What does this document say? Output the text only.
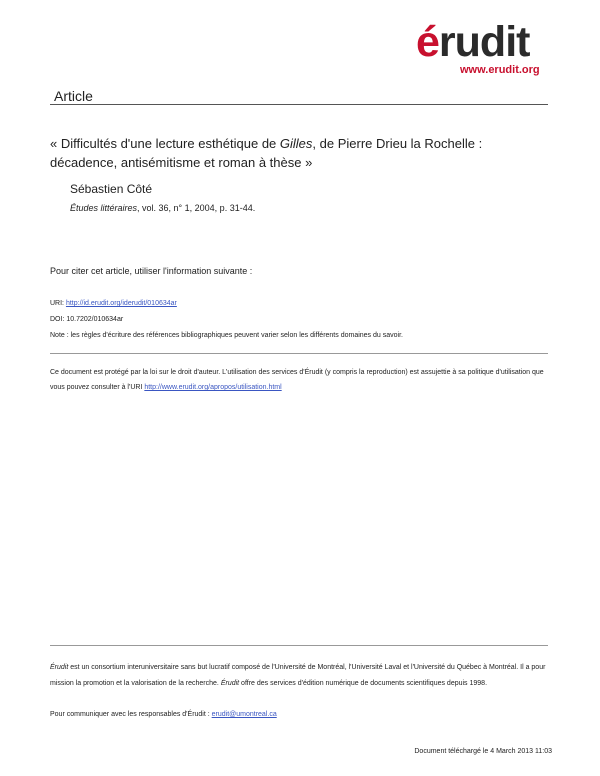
érudit
www.erudit.org
Article
« Difficultés d'une lecture esthétique de Gilles, de Pierre Drieu la Rochelle : décadence, antisémitisme et roman à thèse »
Sébastien Côté
Études littéraires, vol. 36, n° 1, 2004, p. 31-44.
Pour citer cet article, utiliser l'information suivante :
URI: http://id.erudit.org/iderudit/010634ar
DOI: 10.7202/010634ar
Note : les règles d'écriture des références bibliographiques peuvent varier selon les différents domaines du savoir.
Ce document est protégé par la loi sur le droit d'auteur. L'utilisation des services d'Érudit (y compris la reproduction) est assujettie à sa politique d'utilisation que vous pouvez consulter à l'URI http://www.erudit.org/apropos/utilisation.html
Érudit est un consortium interuniversitaire sans but lucratif composé de l'Université de Montréal, l'Université Laval et l'Université du Québec à Montréal. Il a pour mission la promotion et la valorisation de la recherche. Érudit offre des services d'édition numérique de documents scientifiques depuis 1998.
Pour communiquer avec les responsables d'Érudit : erudit@umontreal.ca
Document téléchargé le 4 March 2013 11:03
